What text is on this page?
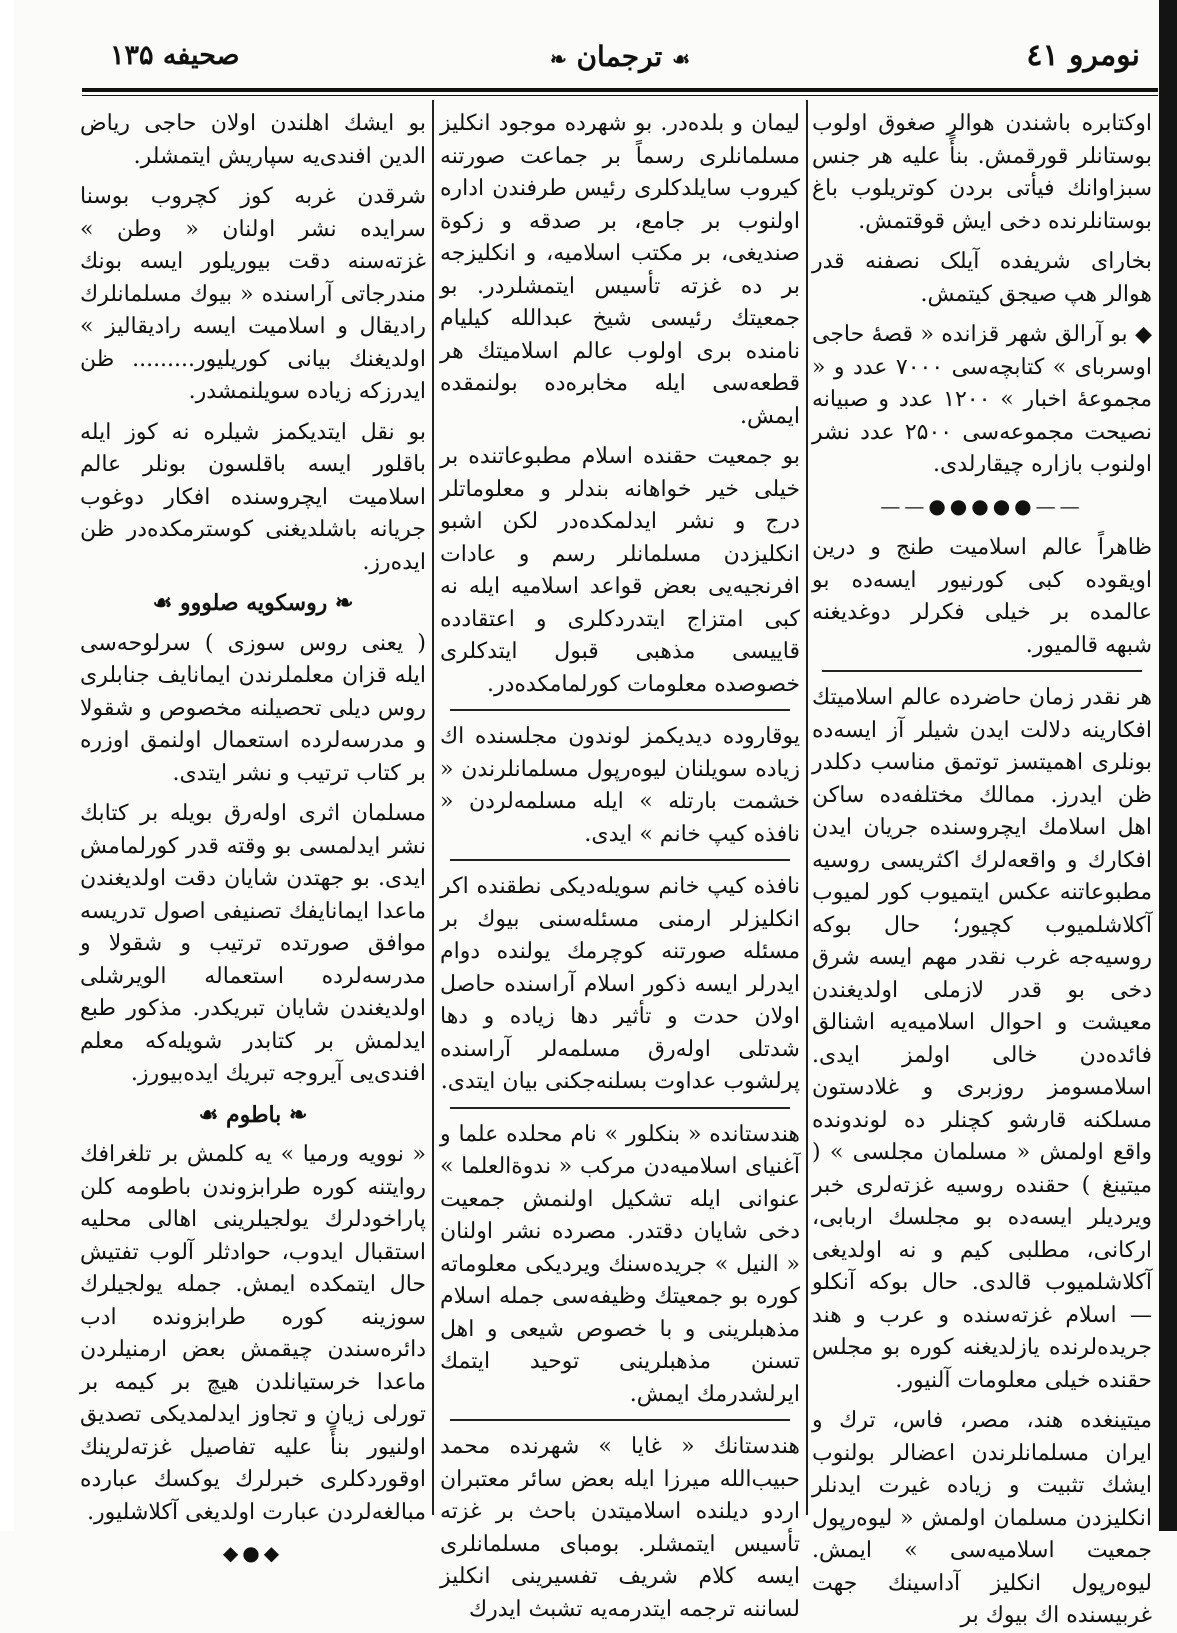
صحیفه ۱۳۵	☙ ترجمان ❧	نومرو ٤١

اوکتابره باشندن هوالر صغوق اولوب بوستانلر قورقمش. بنأً علیه هر جنس سبزاوانك فیأتی بردن کوتریلوب باغ بوستانلرنده دخی ایش قوقتمش.

بخارای شریفده آیلک نصفنه قدر هوالر هپ صیجق کیتمش.

◆ بو آرالق شهر قزانده « قصهٔ حاجی اوسربای » کتابچه‌سی ۷۰۰۰ عدد و « مجموعهٔ اخبار » ۱۲۰۰ عدد و صبیانه نصیحت مجموعه‌سی ۲۵۰۰ عدد نشر اولنوب بازاره چیقارلدی.

——●●●●●——

ظاهراً عالم اسلامیت طنج و درین اویقوده کبی کورنیور ایسه‌ده بو عالمده بر خیلی فکرلر دوغدیغنه شبهه قالمیور.

هر نقدر زمان حاضرده عالم اسلامیتك افکارینه دلالت ایدن شیلر آز ایسه‌ده بونلری اهمیتسز توتمق مناسب دکلدر ظن ایدرز. ممالك مختلفه‌ده ساکن اهل اسلامك ایچروسنده جریان ایدن افکارك و واقعه‌لرك اکثریسی روسیه مطبوعاتنه عکس ایتمیوب کور لمیوب آکلاشلمیوب کچیور؛ حال بوکه روسیه‌جه غرب نقدر مهم ایسه شرق دخی بو قدر لازملی اولدیغندن معیشت و احوال اسلامیه‌یه اشنالق فائده‌دن خالی اولمز ایدی. اسلامسومز روزبری و غلادستون مسلکنه قارشو کچنلر ده لوندونده واقع اولمش « مسلمان مجلسی » ( میتینغ ) حقنده روسیه غزته‌لری خبر ویردیلر ایسه‌ده بو مجلسك اربابی، ارکانی، مطلبی کیم و نه اولدیغی آکلاشلمیوب قالدی. حال بوکه آنکلو — اسلام غزته‌سنده و عرب و هند جریده‌لرنده یازلدیغنه کوره بو مجلس حقنده خیلی معلومات آلنیور.

میتینغده هند، مصر، فاس، ترك و ایران مسلمانلرندن اعضالر بولنوب ایشك تثبیت و زیاده غیرت ایدنلر انکلیزدن مسلمان اولمش « لیوه‌رپول جمعیت اسلامیه‌سی » ایمش. لیوه‌رپول انکلیز آداسینك جهت غربیسنده اك بیوك بر

لیمان و بلده‌در. بو شهرده موجود انکلیز مسلمانلری رسماً بر جماعت صورتنه کیروب سایلدکلری رئیس طرفندن اداره اولنوب بر جامع، بر صدقه و زکوة صندیغی، بر مکتب اسلامیه، و انکلیزجه بر ده غزته تأسیس ایتمشلردر. بو جمعیتك رئیسی شیخ عبدالله کیلیام نامنده بری اولوب عالم اسلامیتك هر قطعه‌سی ایله مخابره‌ده بولنمقده ایمش.

بو جمعیت حقنده اسلام مطبوعاتنده بر خیلی خیر خواهانه بندلر و معلوماتلر درج و نشر ایدلمکده‌در لکن اشبو انکلیزدن مسلمانلر رسم و عادات افرنجیه‌یی بعض قواعد اسلامیه ایله نه کبی امتزاج ایتدردکلری و اعتقادده قاییسی مذهبی قبول ایتدکلری خصوصده معلومات کورلمامکده‌در.

یوقاروده دیدیکمز لوندون مجلسنده اك زیاده سویلنان لیوه‌رپول مسلمانلرندن « خشمت بارتله » ایله مسلمه‌لردن « نافذه کیپ خانم » ایدی.

نافذه کیپ خانم سویله‌دیکی نطقنده اکر انکلیزلر ارمنی مسئله‌سنی بیوك بر مسئله صورتنه کوچرمك یولنده دوام ایدرلر ایسه ذکور اسلام آراسنده حاصل اولان حدت و تأثیر دها زیاده و دها شدتلی اوله‌رق مسلمه‌لر آراسنده پرلشوب عداوت بسلنه‌جکنی بیان ایتدی.

هندستانده « بنکلور » نام محلده علما و آغنیای اسلامیه‌دن مرکب « ندوة‌العلما » عنوانی ایله تشکیل اولنمش جمعیت دخی شایان دقتدر. مصرده نشر اولنان « النیل » جریده‌سنك ویردیکی معلوماته کوره بو جمعیتك وظیفه‌سی جمله اسلام مذهبلرینی و با خصوص شیعی و اهل تسنن مذهبلرینی توحید ایتمك ایرلشدرمك ایمش.

هندستانك « غایا » شهرنده محمد حبیب‌الله میرزا ایله بعض سائر معتبران اردو دیلنده اسلامیتدن باحث بر غزته تأسیس ایتمشلر. بومبای مسلمانلری ایسه کلام شریف تفسیرینی انکلیز لساننه ترجمه ایتدرمه‌یه تشبث ایدرك

بو ایشك اهلندن اولان حاجی ریاض الدین افندی‌یه سپاریش ایتمشلر.

شرقدن غربه کوز کچروب بوسنا سرایده نشر اولنان « وطن » غزته‌سنه دقت بیوریلور ایسه بونك مندرجاتی آراسنده « بیوك مسلمانلرك رادیقال و اسلامیت ایسه رادیقالیز » اولدیغنك بیانی کوریلیور......... ظن ایدرزکه زیاده سویلنمشدر.

بو نقل ایتدیکمز شیلره نه کوز ایله باقلور ایسه باقلسون بونلر عالم اسلامیت ایچروسنده افکار دوغوب جریانه باشلدیغنی کوسترمکده‌در ظن ایده‌رز.

❧ روسکویه صلووو ☙

( یعنی روس سوزی ) سرلوحه‌سی ایله قزان معلملرندن ایمانایف جنابلری روس دیلی تحصیلنه مخصوص و شقولا و مدرسه‌لرده استعمال اولنمق اوزره بر کتاب ترتیب و نشر ایتدی.

مسلمان اثری اوله‌رق بویله بر کتابك نشر ایدلمسی بو وقته قدر کورلمامش ایدی. بو جهتدن شایان دقت اولدیغندن ماعدا ایمانایفك تصنیفی اصول تدریسه موافق صورتده ترتیب و شقولا و مدرسه‌لرده استعماله الویرشلی اولدیغندن شایان تبریکدر. مذکور طبع ایدلمش بر کتابدر شویله‌که معلم افندی‌یی آیروجه تبریك ایده‌بیورز.

❧ باطوم ☙

« نوویه ورمیا » یه کلمش بر تلغرافك روایتنه کوره طرابزوندن باطومه کلن پاراخودلرك یولجیلرینی اهالی محلیه استقبال ایدوب، حوادثلر آلوب تفتیش حال ایتمکده ایمش. جمله یولجیلرك سوزینه کوره طرابزونده ادب دائره‌سندن چیقمش بعض ارمنیلردن ماعدا خرستیانلدن هیچ بر کیمه بر تورلی زیان و تجاوز ایدلمدیکی تصدیق اولنیور بنأً علیه تفاصیل غزته‌لرینك اوقوردکلری خبرلرك یوکسك عبارده مبالغه‌لردن عبارت اولدیغی آکلاشلیور.

◆●◆
